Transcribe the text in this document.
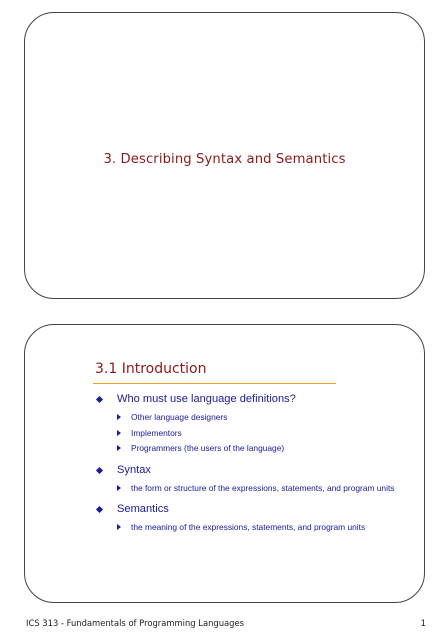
3. Describing Syntax and Semantics
3.1 Introduction
Who must use language definitions?
Other language designers
Implementors
Programmers (the users of the language)
Syntax
the form or structure of the expressions, statements, and program units
Semantics
the meaning of the expressions, statements, and program units
ICS 313 - Fundamentals of Programming Languages	1
